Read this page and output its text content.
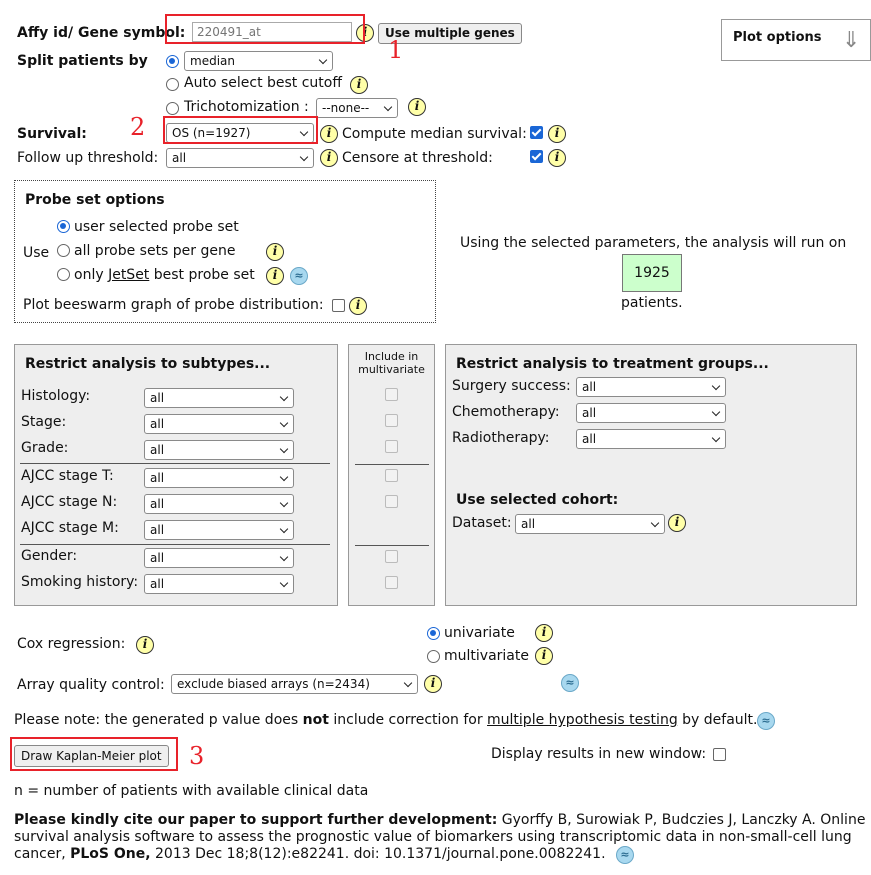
Affy id/ Gene symbol:
220491_at	i	Use multiple genes	Plot options ⇓
Split patients by	median
Auto select best cutoff	i
Trichotomization :	--none--	i
Survival:	OS (n=1927)	i Compute median survival:	i
Follow up threshold:	all	i Censore at threshold:	i
Probe set options
Use
user selected probe set
all probe sets per gene	i
only JetSet best probe set	i	≈
Plot beeswarm graph of probe distribution:	i
Using the selected parameters, the analysis will run on
1925
patients.
Restrict analysis to subtypes...
Histology:	all
Stage:	all
Grade:	all
AJCC stage T:	all
AJCC stage N:	all
AJCC stage M:	all
Gender:	all
Smoking history: all
Include in
multivariate	Restrict analysis to treatment groups...
Surgery success: all
Chemotherapy:	all
Radiotherapy:	all
Use selected cohort:
Dataset: all	i
Cox regression:	i
univariate	i
multivariate	i
Array quality control:	exclude biased arrays (n=2434)	i	≈
Please note: the generated p value does not include correction for multiple hypothesis testing by default. ≈
Draw Kaplan-Meier plot	Display results in new window:
n = number of patients with available clinical data
Please kindly cite our paper to support further development: Gyorffy B, Surowiak P, Budczies J, Lanczky A. Online
survival analysis software to assess the prognostic value of biomarkers using transcriptomic data in non-small-cell lung
cancer, PLoS One, 2013 Dec 18;8(12):e82241. doi: 10.1371/journal.pone.0082241.	≈
1
2
3
